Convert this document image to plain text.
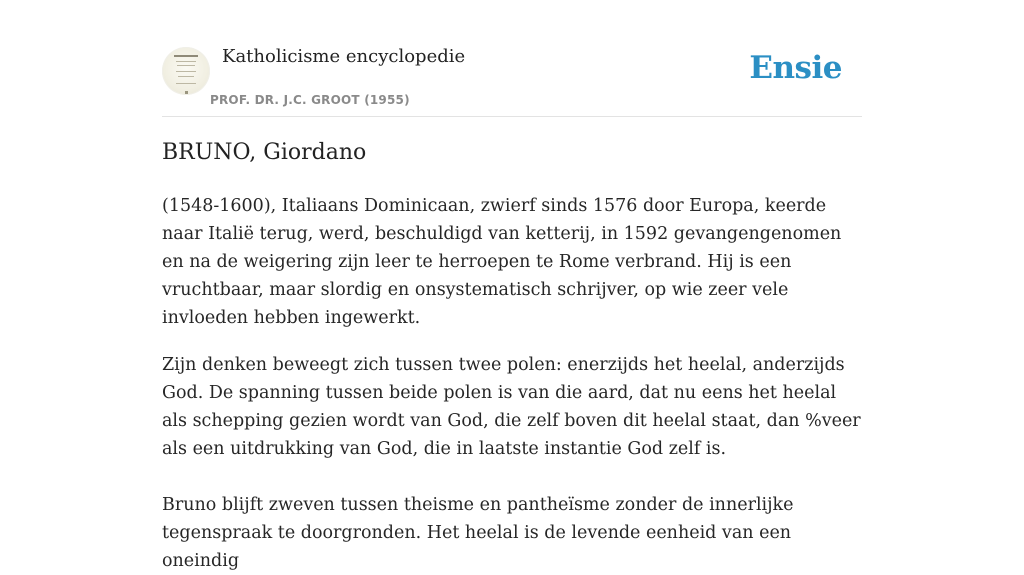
Katholicisme encyclopedie
PROF. DR. J.C. GROOT (1955)
Ensie
BRUNO, Giordano

(1548-1600), Italiaans Dominicaan, zwierf sinds 1576 door Europa, keerde naar Italië terug, werd, beschuldigd van ketterij, in 1592 gevangengenomen en na de weigering zijn leer te herroepen te Rome verbrand. Hij is een vruchtbaar, maar slordig en onsystematisch schrijver, op wie zeer vele invloeden hebben ingewerkt.

Zijn denken beweegt zich tussen twee polen: enerzijds het heelal, anderzijds God. De spanning tussen beide polen is van die aard, dat nu eens het heelal als schepping gezien wordt van God, die zelf boven dit heelal staat, dan %veer als een uitdrukking van God, die in laatste instantie God zelf is.

Bruno blijft zweven tussen theisme en pantheïsme zonder de innerlijke tegenspraak te doorgronden. Het heelal is de levende eenheid van een oneindig
